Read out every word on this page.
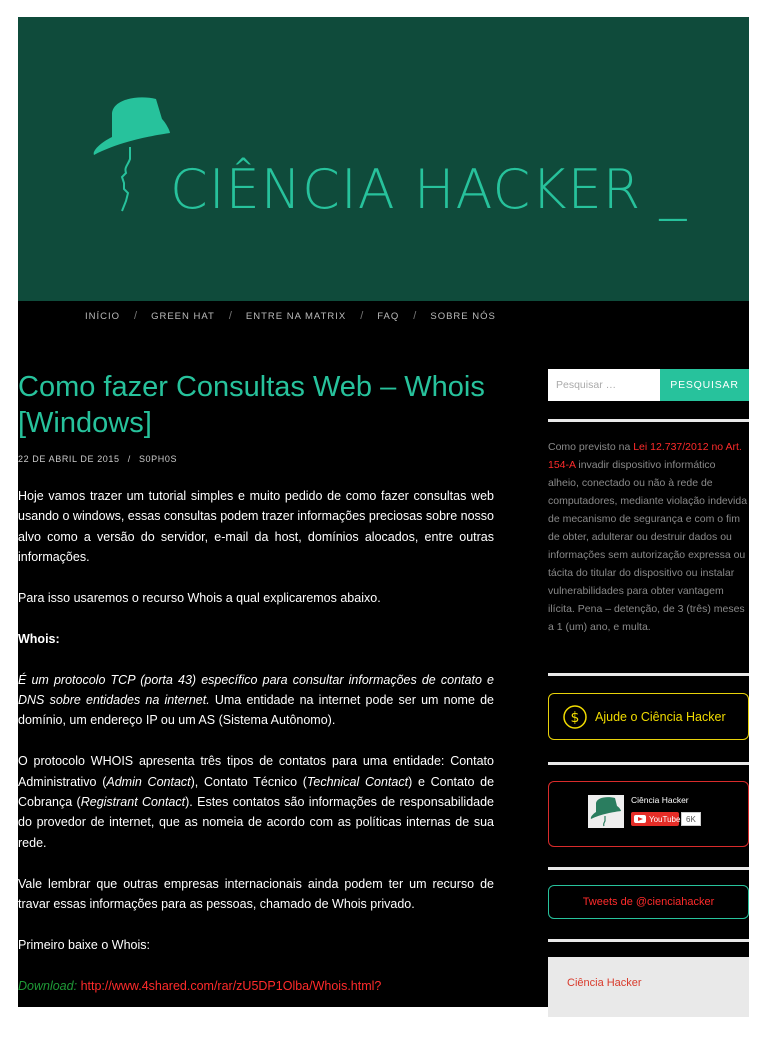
CIÊNCIA HACKER _
INÍCIO / GREEN HAT / ENTRE NA MATRIX / FAQ / SOBRE NÓS
Como fazer Consultas Web – Whois [Windows]
22 DE ABRIL DE 2015 / S0PH0S

Hoje vamos trazer um tutorial simples e muito pedido de como fazer consultas web usando o windows, essas consultas podem trazer informações preciosas sobre nosso alvo como a versão do servidor, e-mail da host, domínios alocados, entre outras informações.

Para isso usaremos o recurso Whois a qual explicaremos abaixo.

Whois:

É um protocolo TCP (porta 43) específico para consultar informações de contato e DNS sobre entidades na internet. Uma entidade na internet pode ser um nome de domínio, um endereço IP ou um AS (Sistema Autônomo).

O protocolo WHOIS apresenta três tipos de contatos para uma entidade: Contato Administrativo (Admin Contact), Contato Técnico (Technical Contact) e Contato de Cobrança (Registrant Contact). Estes contatos são informações de responsabilidade do provedor de internet, que as nomeia de acordo com as políticas internas de sua rede.

Vale lembrar que outras empresas internacionais ainda podem ter um recurso de travar essas informações para as pessoas, chamado de Whois privado.

Primeiro baixe o Whois:

Download: http://www.4shared.com/rar/zU5DP1Olba/Whois.html?

Depois extraia o Whois.exe para o Disco Local “C:”

Pesquisar …
PESQUISAR
Como previsto na Lei 12.737/2012 no Art. 154-A invadir dispositivo informático alheio, conectado ou não à rede de computadores, mediante violação indevida de mecanismo de segurança e com o fim de obter, adulterar ou destruir dados ou informações sem autorização expressa ou tácita do titular do dispositivo ou instalar vulnerabilidades para obter vantagem ilícita. Pena – detenção, de 3 (três) meses a 1 (um) ano, e multa.
$ Ajude o Ciência Hacker
Ciência Hacker
YouTube 6K
Tweets de @cienciahacker
Ciência Hacker
